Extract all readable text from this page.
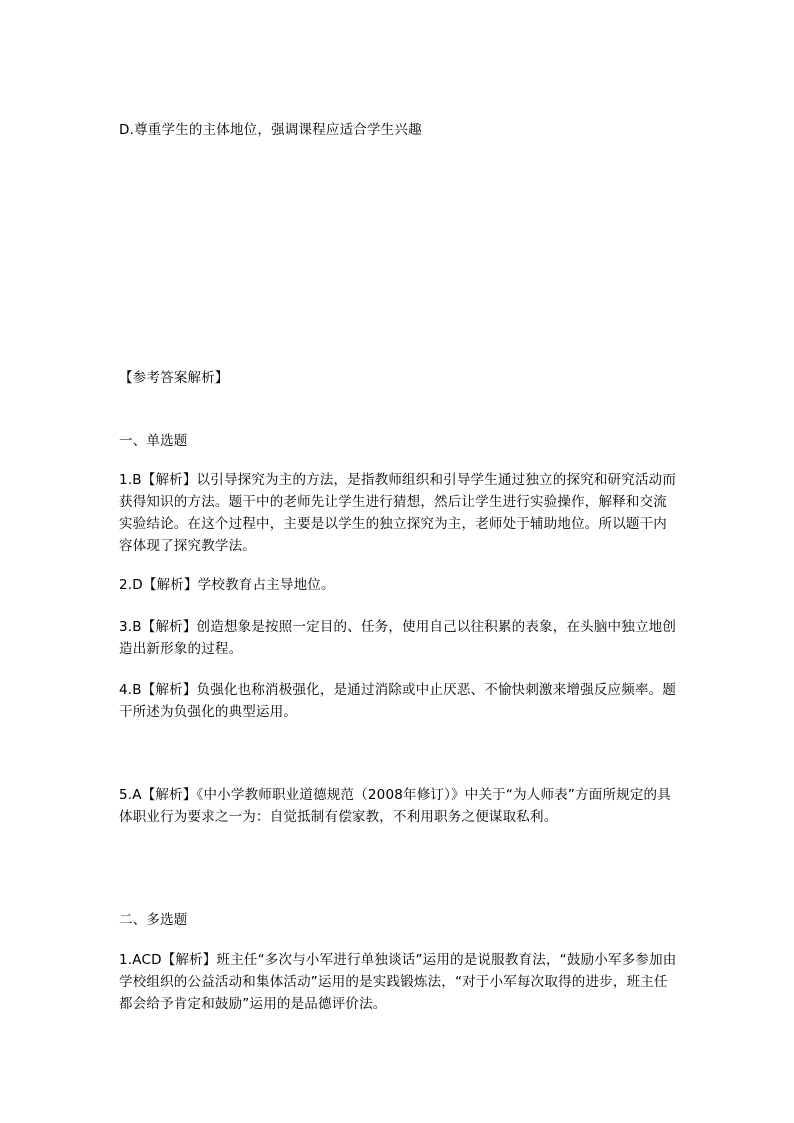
D.尊重学生的主体地位，强调课程应适合学生兴趣
【参考答案解析】
一、单选题
1.B【解析】以引导探究为主的方法，是指教师组织和引导学生通过独立的探究和研究活动而获得知识的方法。题干中的老师先让学生进行猜想，然后让学生进行实验操作，解释和交流实验结论。在这个过程中，主要是以学生的独立探究为主，老师处于辅助地位。所以题干内容体现了探究教学法。
2.D【解析】学校教育占主导地位。
3.B【解析】创造想象是按照一定目的、任务，使用自己以往积累的表象，在头脑中独立地创造出新形象的过程。
4.B【解析】负强化也称消极强化，是通过消除或中止厌恶、不愉快刺激来增强反应频率。题干所述为负强化的典型运用。
5.A【解析】《中小学教师职业道德规范（2008年修订）》中关于“为人师表”方面所规定的具体职业行为要求之一为：自觉抵制有偿家教，不利用职务之便谋取私利。
二、多选题
1.ACD【解析】班主任“多次与小军进行单独谈话”运用的是说服教育法，“鼓励小军多参加由学校组织的公益活动和集体活动”运用的是实践锻炼法，“对于小军每次取得的进步，班主任都会给予肯定和鼓励”运用的是品德评价法。
